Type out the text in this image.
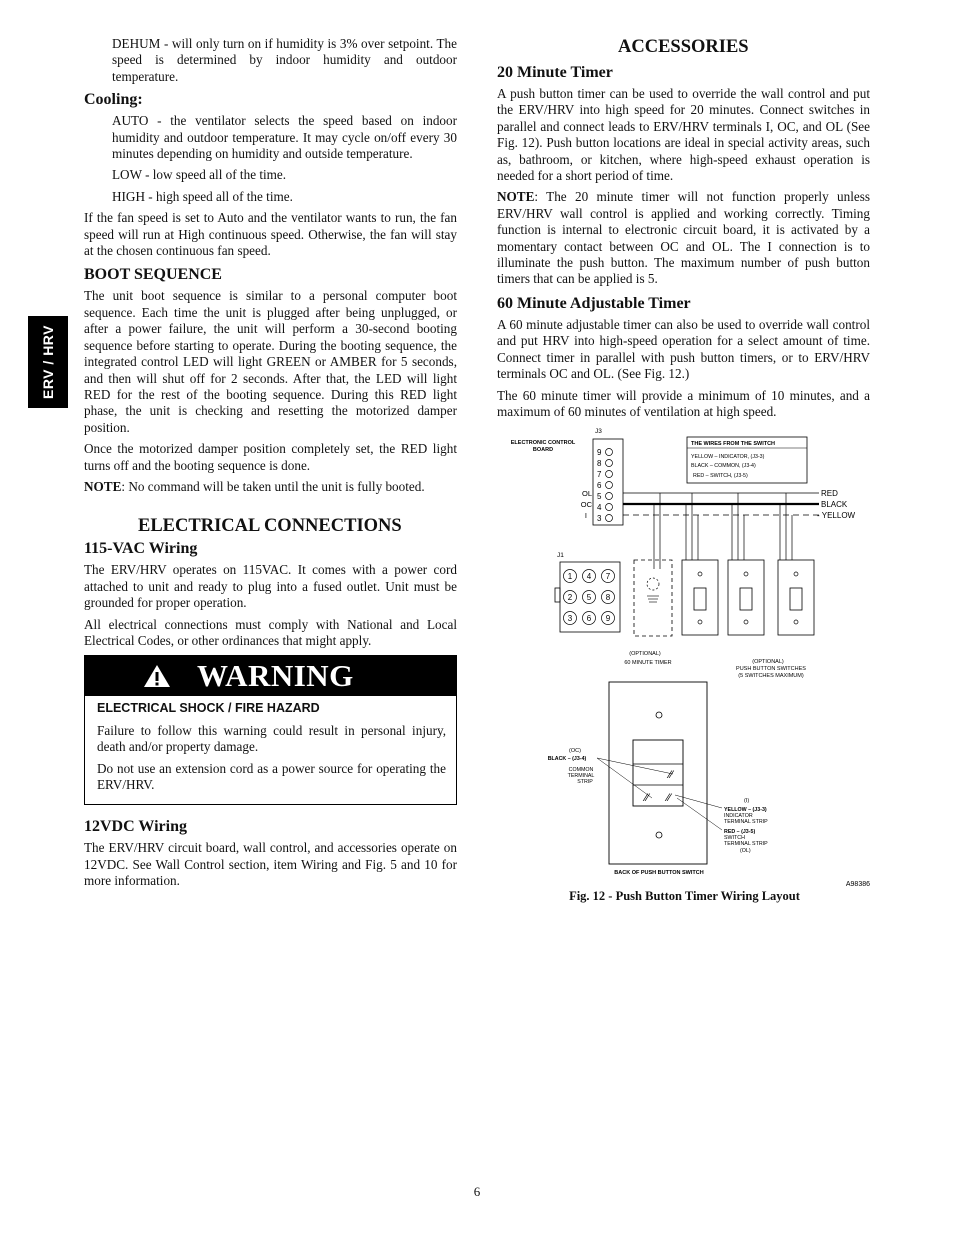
ERV / HRV

DEHUM - will only turn on if humidity is 3% over setpoint. The speed is determined by indoor humidity and outdoor temperature.

Cooling:

AUTO - the ventilator selects the speed based on indoor humidity and outdoor temperature. It may cycle on/off every 30 minutes depending on humidity and outside temperature.

LOW - low speed all of the time.

HIGH - high speed all of the time.

If the fan speed is set to Auto and the ventilator wants to run, the fan speed will run at High continuous speed. Otherwise, the fan will stay at the chosen continuous fan speed.

BOOT SEQUENCE

The unit boot sequence is similar to a personal computer boot sequence. Each time the unit is plugged after being unplugged, or after a power failure, the unit will perform a 30-second booting sequence before starting to operate. During the booting sequence, the integrated control LED will light GREEN or AMBER for 5 seconds, and then will shut off for 2 seconds. After that, the LED will light RED for the rest of the booting sequence. During this RED light phase, the unit is checking and resetting the motorized damper position.

Once the motorized damper position completely set, the RED light turns off and the booting sequence is done.

NOTE: No command will be taken until the unit is fully booted.

ELECTRICAL CONNECTIONS
115-VAC Wiring

The ERV/HRV operates on 115VAC. It comes with a power cord attached to unit and ready to plug into a fused outlet. Unit must be grounded for proper operation.

All electrical connections must comply with National and Local Electrical Codes, or other ordinances that might apply.

WARNING

ELECTRICAL SHOCK / FIRE HAZARD

Failure to follow this warning could result in personal injury, death and/or property damage.

Do not use an extension cord as a power source for operating the ERV/HRV.

12VDC Wiring

The ERV/HRV circuit board, wall control, and accessories operate on 12VDC. See Wall Control section, item Wiring and Fig. 5 and 10 for more information.

ACCESSORIES
20 Minute Timer

A push button timer can be used to override the wall control and put the ERV/HRV into high speed for 20 minutes. Connect switches in parallel and connect leads to ERV/HRV terminals I, OC, and OL (See Fig. 12). Push button locations are ideal in special activity areas, such as, bathroom, or kitchen, where high-speed exhaust operation is needed for a short period of time.

NOTE: The 20 minute timer will not function properly unless ERV/HRV wall control is applied and working correctly. Timing function is internal to electronic circuit board, it is activated by a momentary contact between OC and OL. The I connection is to illuminate the push button. The maximum number of push button timers that can be applied is 5.

60 Minute Adjustable Timer

A 60 minute adjustable timer can also be used to override wall control and put HRV into high-speed operation for a select amount of time. Connect timer in parallel with push button timers, or to ERV/HRV terminals OC and OL. (See Fig. 12.)

The 60 minute timer will provide a minimum of 10 minutes, and a maximum of 60 minutes of ventilation at high speed.

ELECTRONIC CONTROL
BOARD
J3
9
8
7
6
5
4
3
OL
OC
I
THE WIRES FROM THE SWITCH
YELLOW – INDICATOR, (J3-3)
BLACK – COMMON, (J3-4)
RED – SWITCH, (J3-5)
RED
BLACK
- YELLOW
J1
1 4 7
2 5 8
3 6 9
(OPTIONAL)
60 MINUTE TIMER	(OPTIONAL)
PUSH BUTTON SWITCHES
(5 SWITCHES MAXIMUM)
⁄⁄
⁄⁄ ⁄⁄
(OC)
BLACK – (J3-4)
COMMON
TERMINAL
STRIP
(I)
YELLOW – (J3-3)
INDICATOR
TERMINAL STRIP
RED – (J3-5)
SWITCH
TERMINAL STRIP
(OL)
BACK OF PUSH BUTTON SWITCH
A98386
Fig. 12 - Push Button Timer Wiring Layout
6
